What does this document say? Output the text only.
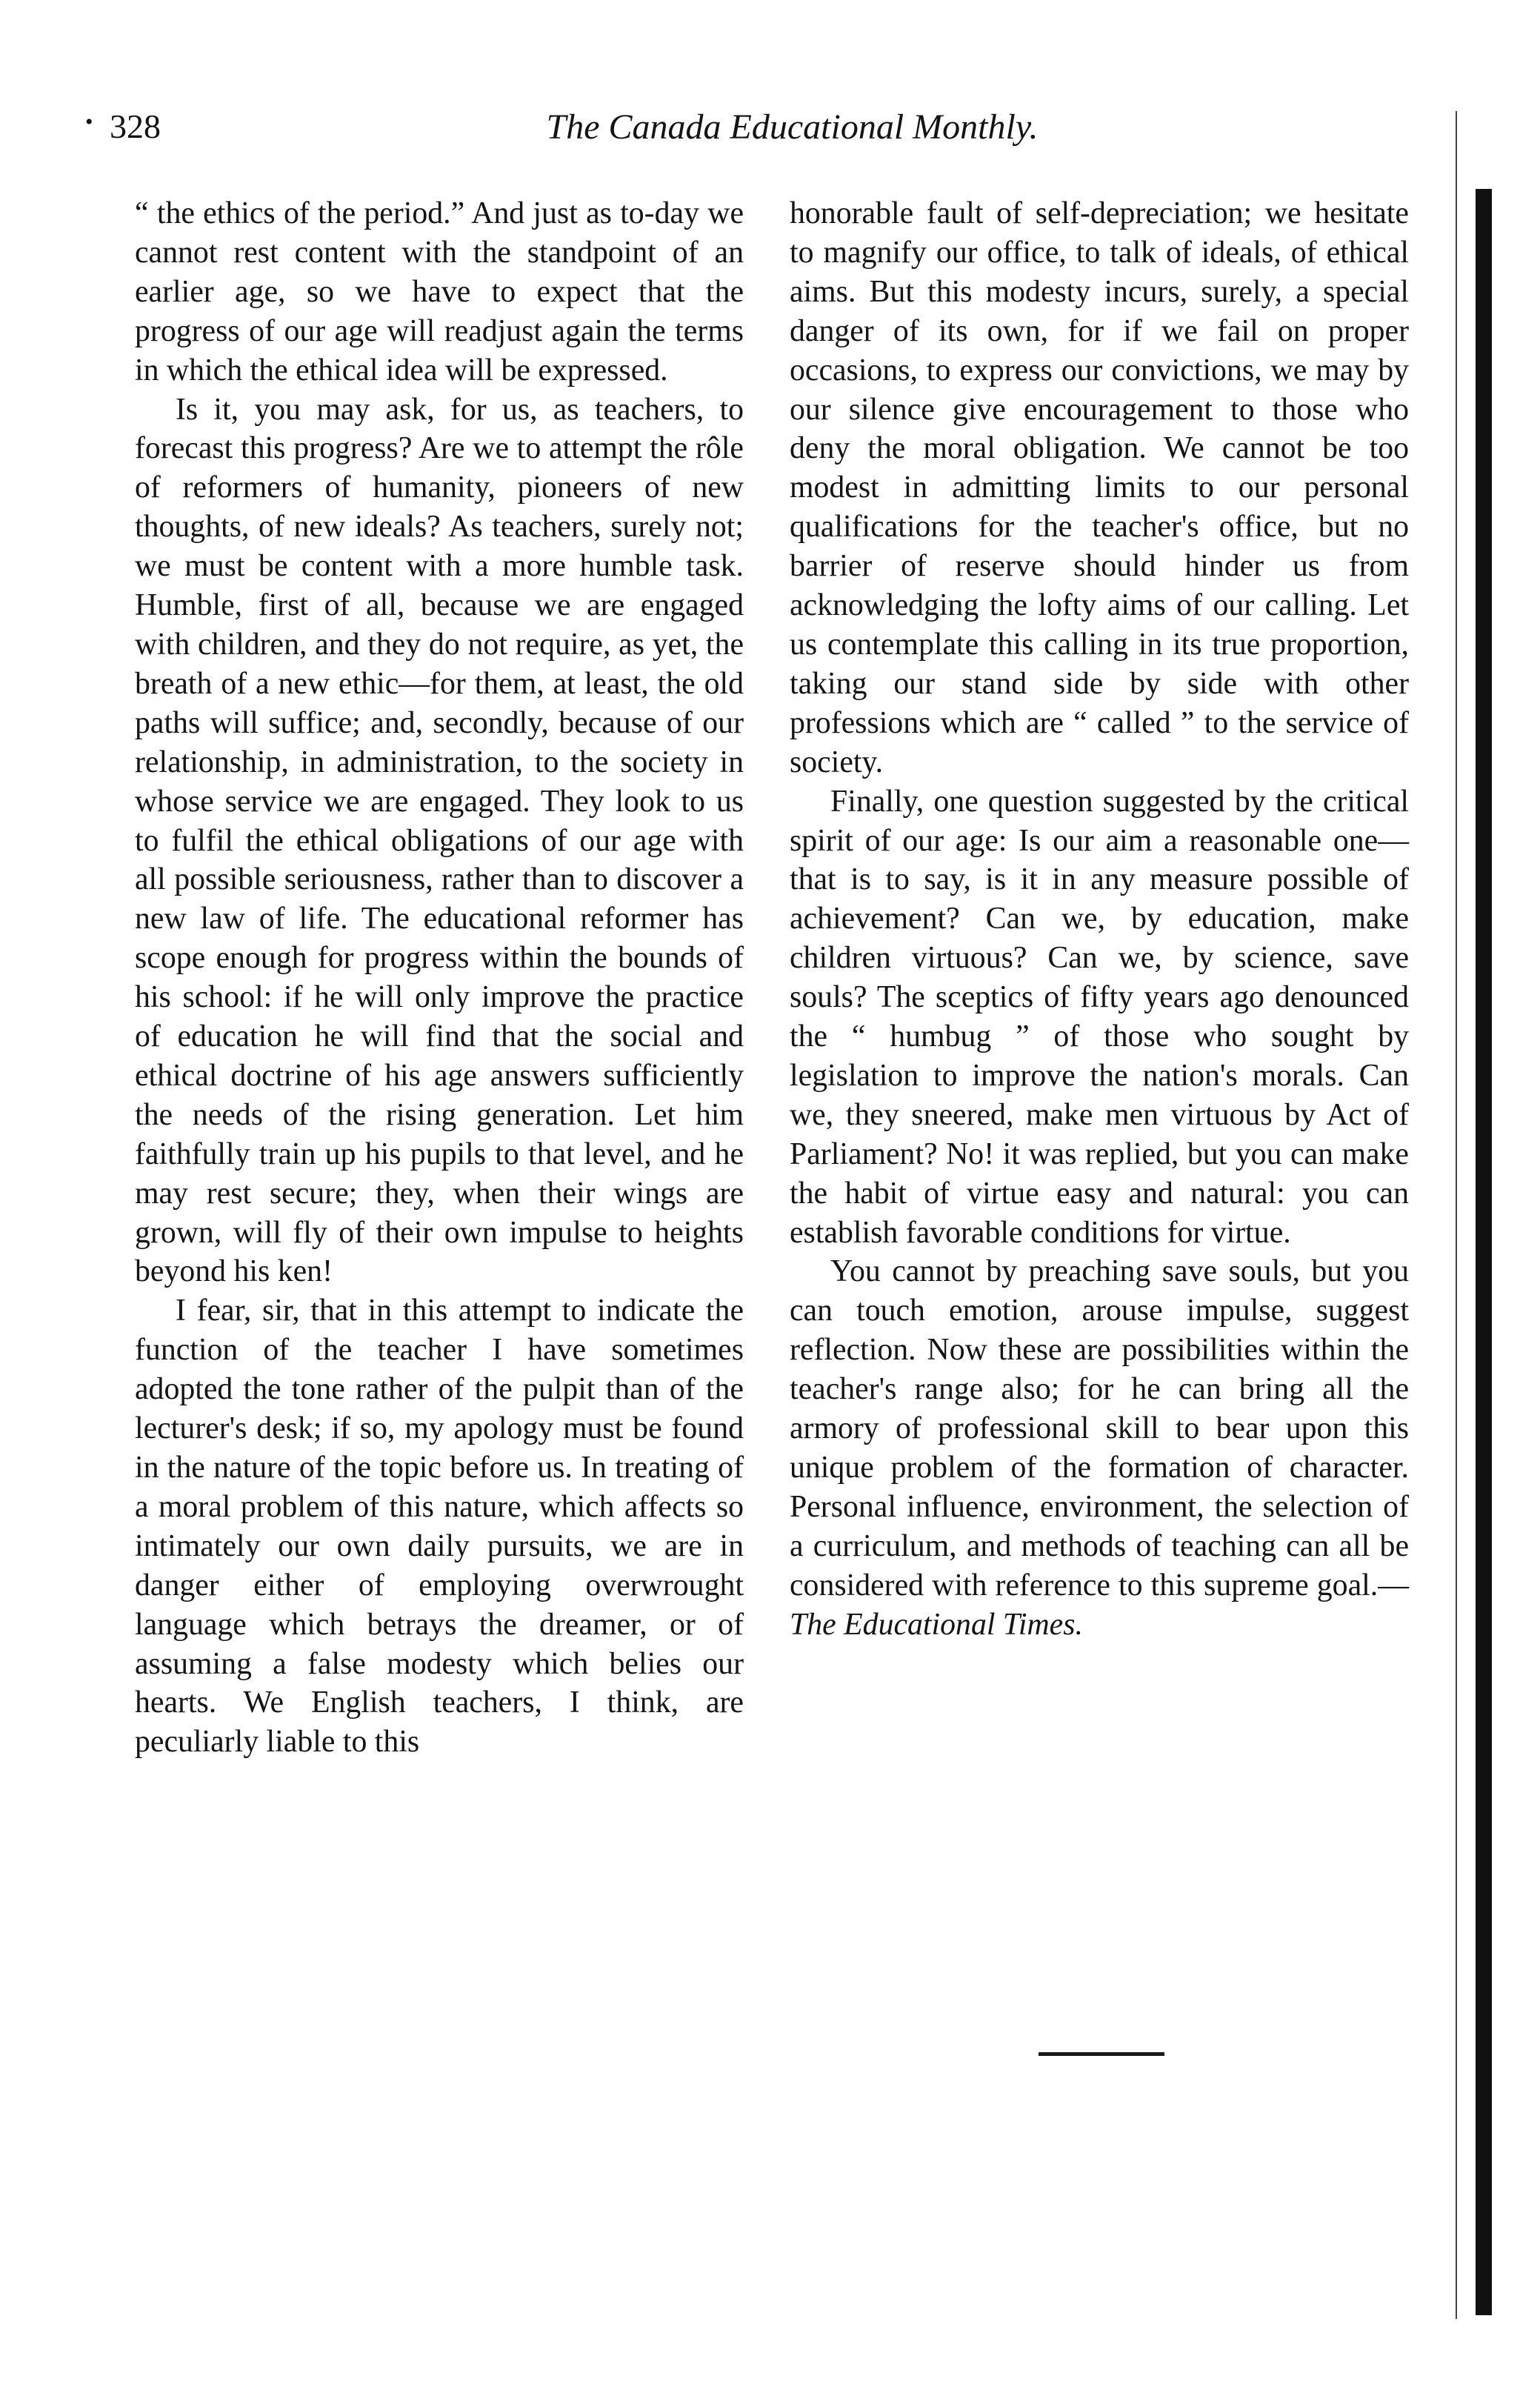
• 328	The Canada Educational Monthly.

“ the ethics of the period.” And just as to-day we cannot rest content with the standpoint of an earlier age, so we have to expect that the progress of our age will readjust again the terms in which the ethical idea will be expressed.

Is it, you may ask, for us, as teachers, to forecast this progress? Are we to attempt the rôle of reformers of humanity, pioneers of new thoughts, of new ideals? As teachers, surely not; we must be content with a more humble task. Humble, first of all, because we are engaged with children, and they do not require, as yet, the breath of a new ethic—for them, at least, the old paths will suffice; and, secondly, because of our relationship, in administration, to the society in whose service we are engaged. They look to us to fulfil the ethical obligations of our age with all possible seriousness, rather than to discover a new law of life. The educational reformer has scope enough for progress within the bounds of his school: if he will only improve the practice of education he will find that the social and ethical doctrine of his age answers sufficiently the needs of the rising generation. Let him faithfully train up his pupils to that level, and he may rest secure; they, when their wings are grown, will fly of their own impulse to heights beyond his ken!

I fear, sir, that in this attempt to indicate the function of the teacher I have sometimes adopted the tone rather of the pulpit than of the lecturer's desk; if so, my apology must be found in the nature of the topic before us. In treating of a moral problem of this nature, which affects so intimately our own daily pursuits, we are in danger either of employing overwrought language which betrays the dreamer, or of assuming a false modesty which belies our hearts. We English teachers, I think, are peculiarly liable to this

honorable fault of self-depreciation; we hesitate to magnify our office, to talk of ideals, of ethical aims. But this modesty incurs, surely, a special danger of its own, for if we fail on proper occasions, to express our convictions, we may by our silence give encouragement to those who deny the moral obligation. We cannot be too modest in admitting limits to our personal qualifications for the teacher's office, but no barrier of reserve should hinder us from acknowledging the lofty aims of our calling. Let us contemplate this calling in its true proportion, taking our stand side by side with other professions which are “ called ” to the service of society.

Finally, one question suggested by the critical spirit of our age: Is our aim a reasonable one—that is to say, is it in any measure possible of achievement? Can we, by education, make children virtuous? Can we, by science, save souls? The sceptics of fifty years ago denounced the “ humbug ” of those who sought by legislation to improve the nation's morals. Can we, they sneered, make men virtuous by Act of Parliament? No! it was replied, but you can make the habit of virtue easy and natural: you can establish favorable conditions for virtue.

You cannot by preaching save souls, but you can touch emotion, arouse impulse, suggest reflection. Now these are possibilities within the teacher's range also; for he can bring all the armory of professional skill to bear upon this unique problem of the formation of character. Personal influence, environment, the selection of a curriculum, and methods of teaching can all be considered with reference to this supreme goal.—The Educational Times.
